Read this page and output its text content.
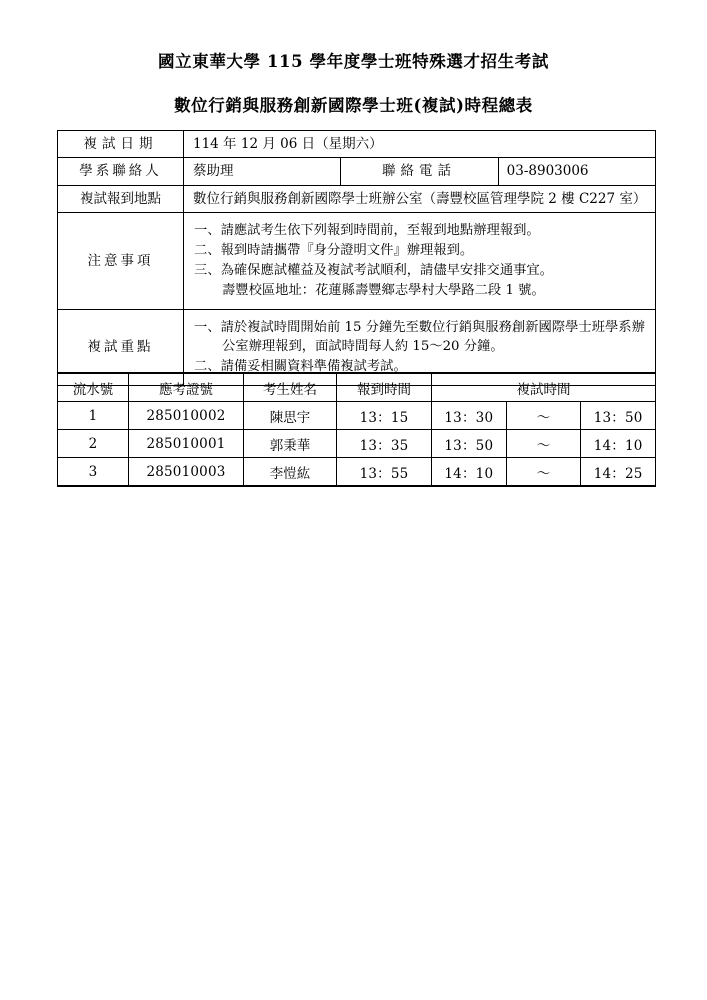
國立東華大學 115 學年度學士班特殊選才招生考試
數位行銷與服務創新國際學士班(複試)時程總表
複試日期	114 年 12 月 06 日（星期六）		
學系聯絡人	蔡助理	聯絡電話	03-8903006
複試報到地點	數位行銷與服務創新國際學士班辦公室（壽豐校區管理學院 2 樓 C227 室）		
注意事項	一、請應試考生依下列報到時間前，至報到地點辦理報到。
二、報到時請攜帶『身分證明文件』辦理報到。
三、為確保應試權益及複試考試順利，請儘早安排交通事宜。
壽豐校區地址：花蓮縣壽豐鄉志學村大學路二段 1 號。		

複試重點	一、請於複試時間開始前 15 分鐘先至數位行銷與服務創新國際學士班學系辦
公室辦理報到，面試時間每人約 15～20 分鐘。
二、請備妥相關資料準備複試考試。		
流水號	應考證號	考生姓名	報到時間	複試時間		
1	285010002	陳思宇	13：15	13：30	～	13：50
2	285010001	郭秉華	13：35	13：50	～	14：10
3	285010003	李愷紘	13：55	14：10	～	14：25
